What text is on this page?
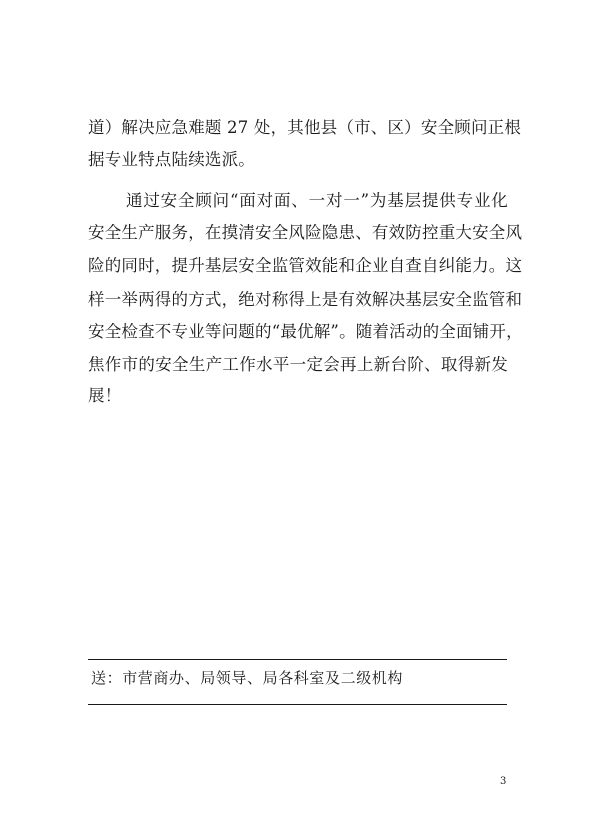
道）解决应急难题 27 处，其他县（市、区）安全顾问正根
据专业特点陆续选派。
通过安全顾问“面对面、一对一”为基层提供专业化
安全生产服务，在摸清安全风险隐患、有效防控重大安全风
险的同时，提升基层安全监管效能和企业自查自纠能力。这
样一举两得的方式，绝对称得上是有效解决基层安全监管和
安全检查不专业等问题的“最优解”。随着活动的全面铺开，
焦作市的安全生产工作水平一定会再上新台阶、取得新发
展！
送：市营商办、局领导、局各科室及二级机构
3
